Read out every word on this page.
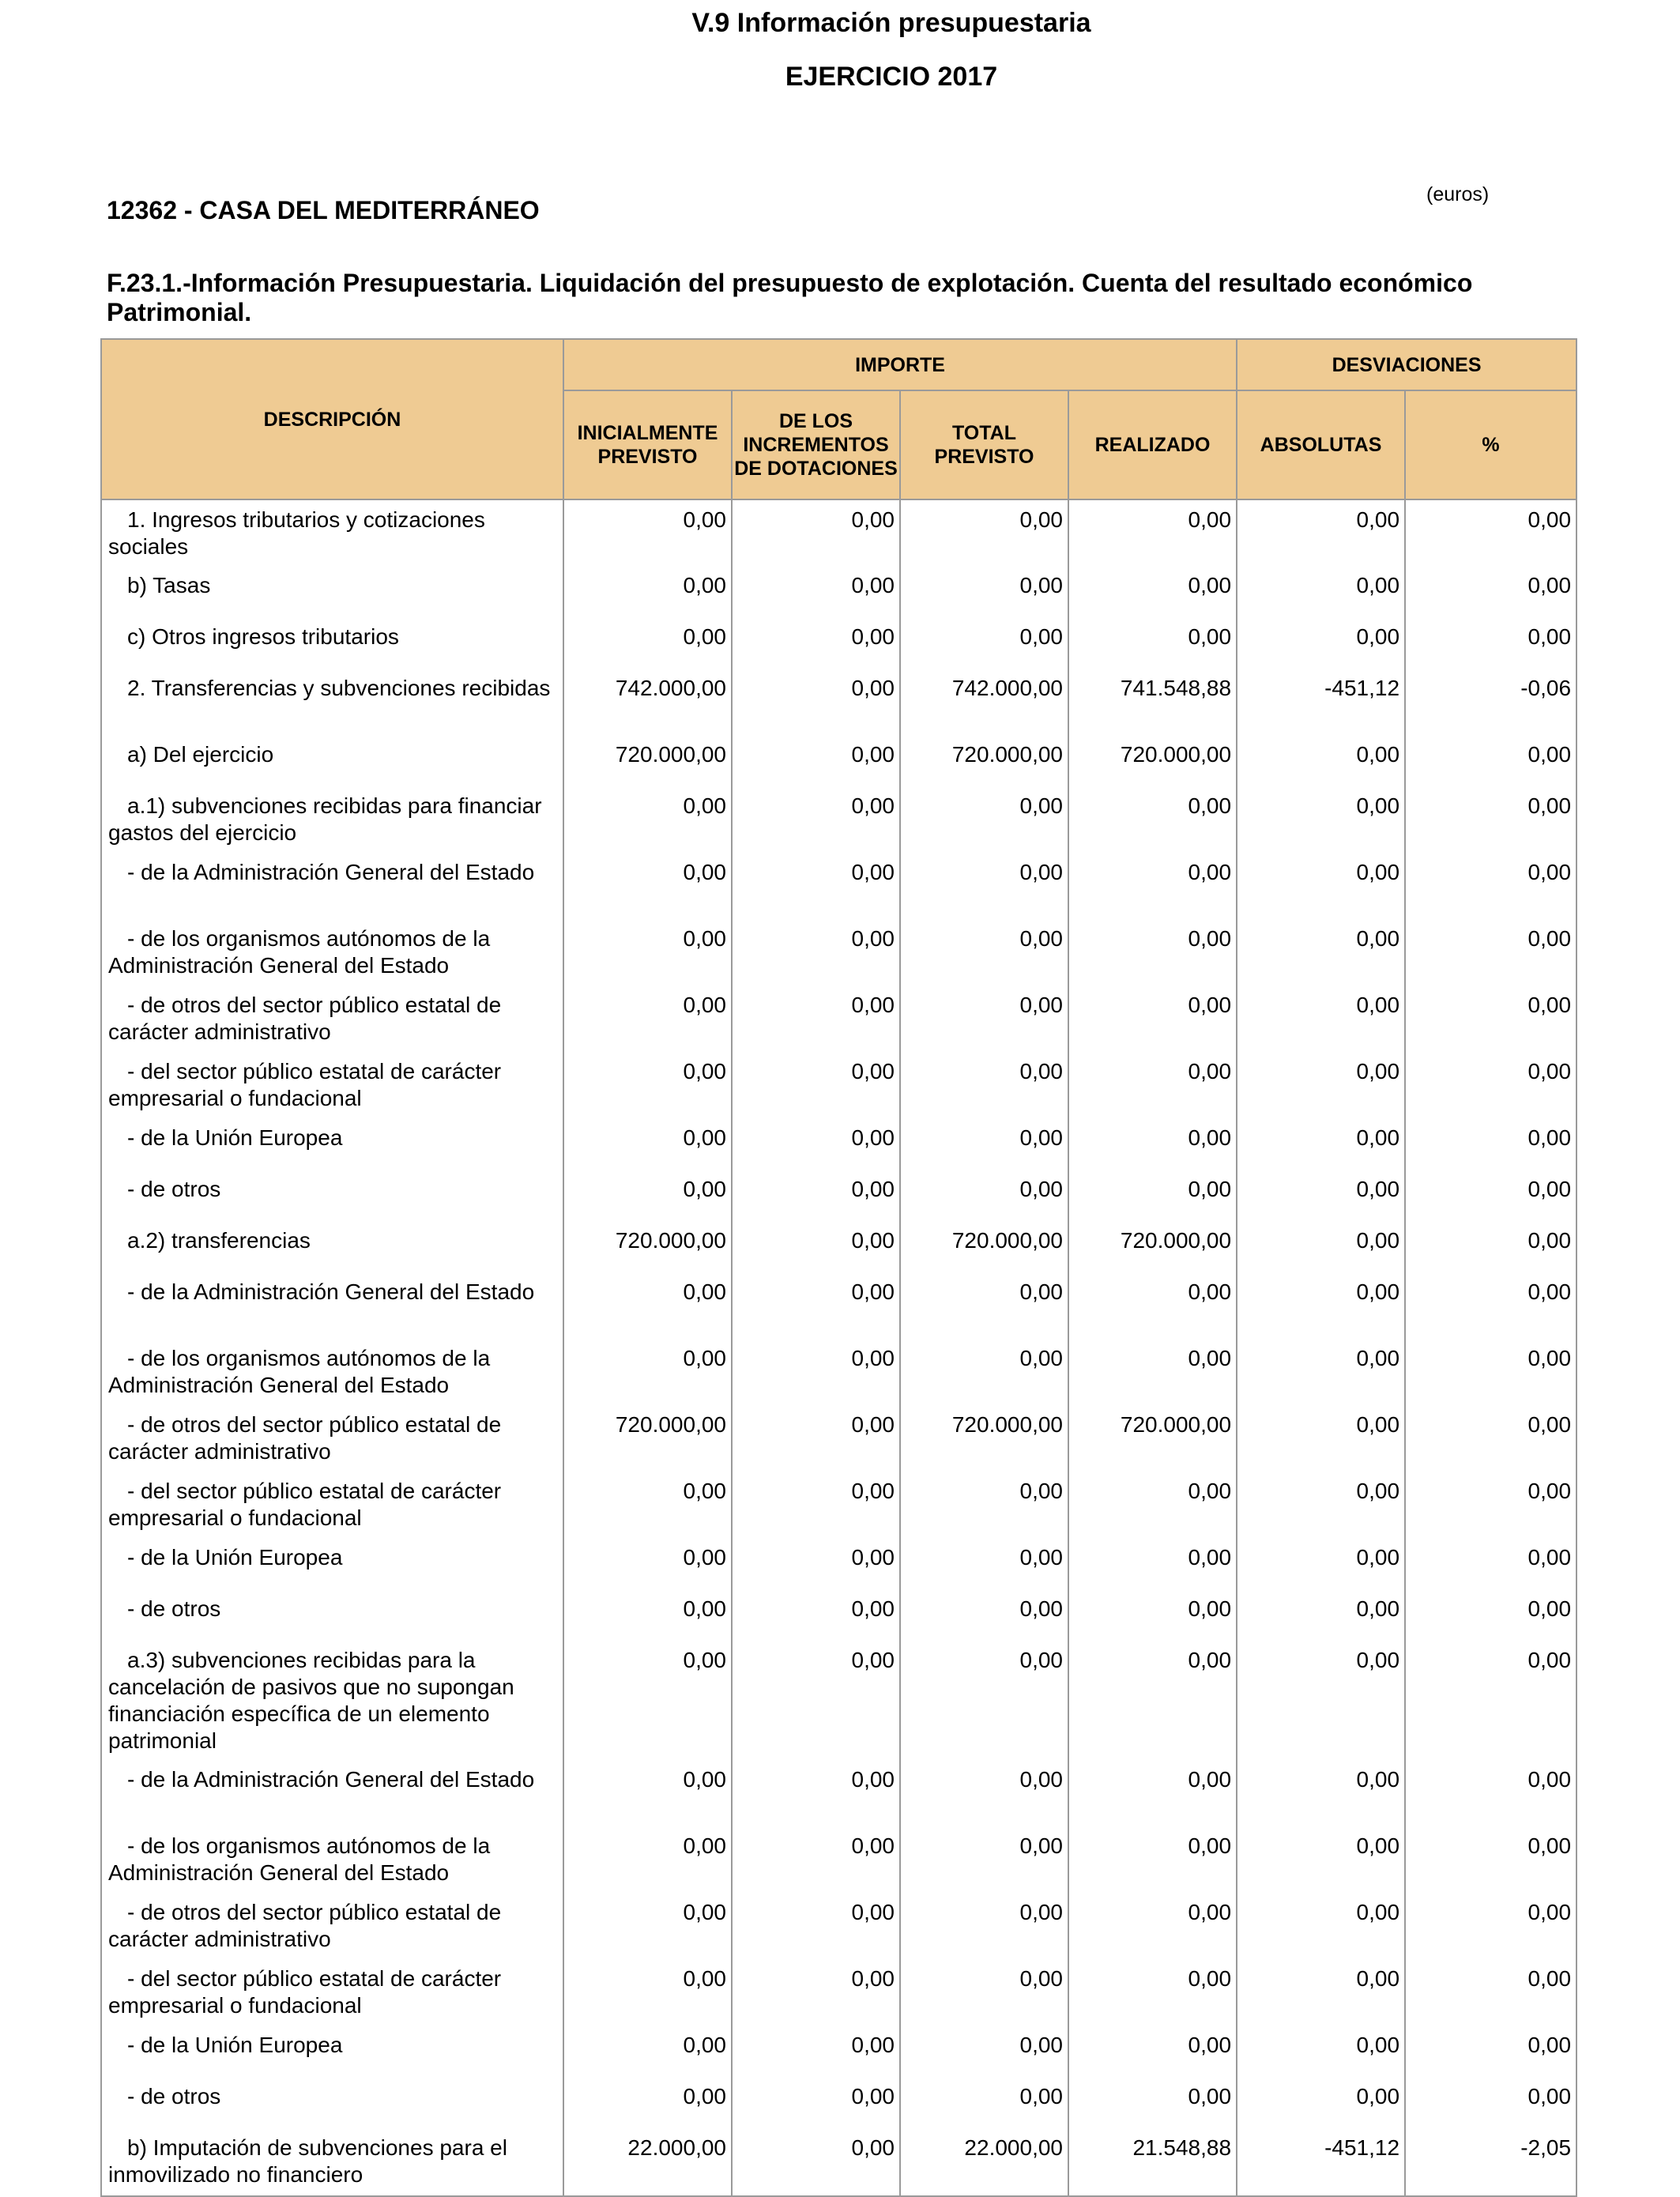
V.9 Información presupuestaria
EJERCICIO 2017
12362 - CASA DEL MEDITERRÁNEO
(euros)
F.23.1.-Información Presupuestaria. Liquidación del presupuesto de explotación. Cuenta del resultado económico Patrimonial.
DESCRIPCIÓN	IMPORTE				DESVIACIONES	
	INICIALMENTE PREVISTO	DE LOS INCREMENTOS DE DOTACIONES	TOTAL PREVISTO	REALIZADO	ABSOLUTAS	%
1. Ingresos tributarios y cotizaciones sociales	0,00	0,00	0,00	0,00	0,00	0,00
b) Tasas	0,00	0,00	0,00	0,00	0,00	0,00
c) Otros ingresos tributarios	0,00	0,00	0,00	0,00	0,00	0,00
2. Transferencias y subvenciones recibidas	742.000,00	0,00	742.000,00	741.548,88	-451,12	-0,06
a) Del ejercicio	720.000,00	0,00	720.000,00	720.000,00	0,00	0,00
a.1) subvenciones recibidas para financiar gastos del ejercicio	0,00	0,00	0,00	0,00	0,00	0,00
- de la Administración General del Estado	0,00	0,00	0,00	0,00	0,00	0,00
- de los organismos autónomos de la Administración General del Estado	0,00	0,00	0,00	0,00	0,00	0,00
- de otros del sector público estatal de carácter administrativo	0,00	0,00	0,00	0,00	0,00	0,00
- del sector público estatal de carácter empresarial o fundacional	0,00	0,00	0,00	0,00	0,00	0,00
- de la Unión Europea	0,00	0,00	0,00	0,00	0,00	0,00
- de otros	0,00	0,00	0,00	0,00	0,00	0,00
a.2) transferencias	720.000,00	0,00	720.000,00	720.000,00	0,00	0,00
- de la Administración General del Estado	0,00	0,00	0,00	0,00	0,00	0,00
- de los organismos autónomos de la Administración General del Estado	0,00	0,00	0,00	0,00	0,00	0,00
- de otros del sector público estatal de carácter administrativo	720.000,00	0,00	720.000,00	720.000,00	0,00	0,00
- del sector público estatal de carácter empresarial o fundacional	0,00	0,00	0,00	0,00	0,00	0,00
- de la Unión Europea	0,00	0,00	0,00	0,00	0,00	0,00
- de otros	0,00	0,00	0,00	0,00	0,00	0,00
a.3) subvenciones recibidas para la cancelación de pasivos que no supongan financiación específica de un elemento patrimonial	0,00	0,00	0,00	0,00	0,00	0,00
- de la Administración General del Estado	0,00	0,00	0,00	0,00	0,00	0,00
- de los organismos autónomos de la Administración General del Estado	0,00	0,00	0,00	0,00	0,00	0,00
- de otros del sector público estatal de carácter administrativo	0,00	0,00	0,00	0,00	0,00	0,00
- del sector público estatal de carácter empresarial o fundacional	0,00	0,00	0,00	0,00	0,00	0,00
- de la Unión Europea	0,00	0,00	0,00	0,00	0,00	0,00
- de otros	0,00	0,00	0,00	0,00	0,00	0,00
b) Imputación de subvenciones para el inmovilizado no financiero	22.000,00	0,00	22.000,00	21.548,88	-451,12	-2,05
